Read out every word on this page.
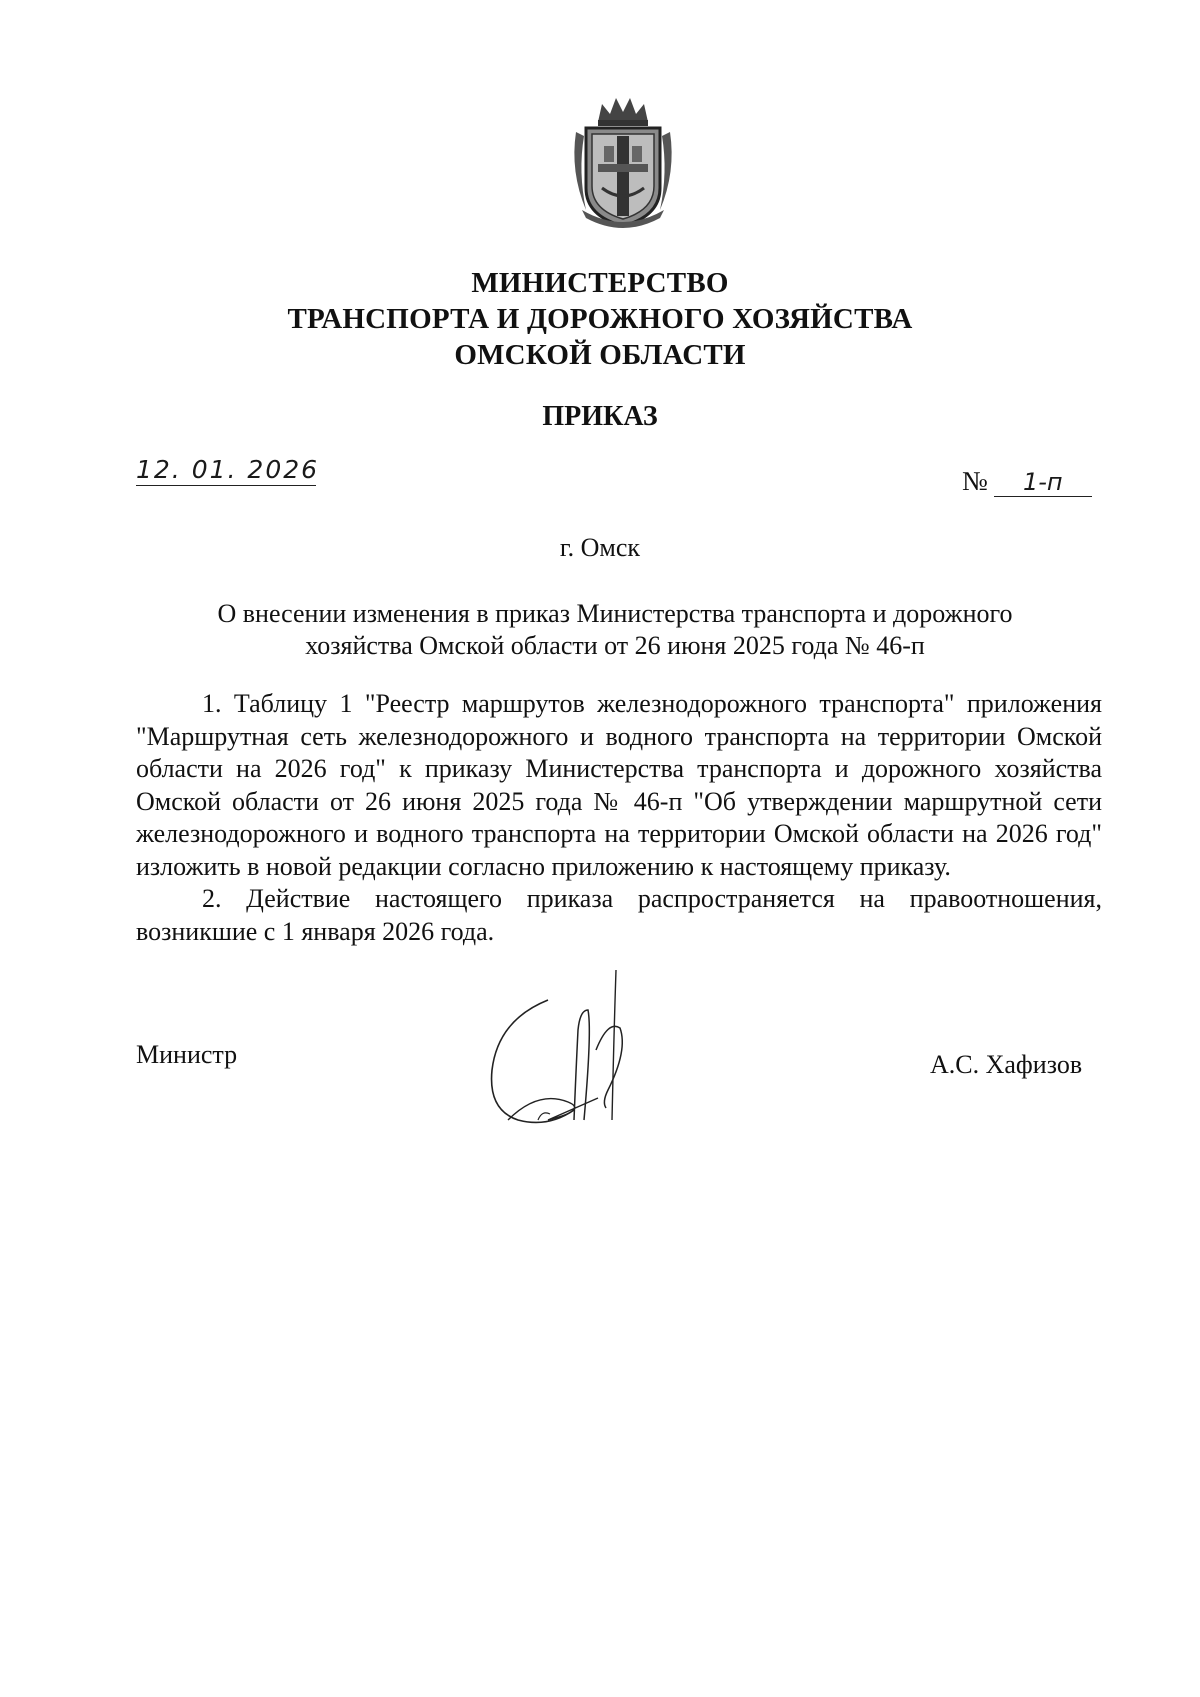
МИНИСТЕРСТВО
ТРАНСПОРТА И ДОРОЖНОГО ХОЗЯЙСТВА
ОМСКОЙ ОБЛАСТИ
ПРИКАЗ
12. 01. 2026	№ 1-п
г. Омск
О внесении изменения в приказ Министерства транспорта и дорожного
хозяйства Омской области от 26 июня 2025 года № 46-п

1. Таблицу 1 "Реестр маршрутов железнодорожного транспорта" приложения "Маршрутная сеть железнодорожного и водного транспорта на территории Омской области на 2026 год" к приказу Министерства транспорта и дорожного хозяйства Омской области от 26 июня 2025 года № 46-п "Об утверждении маршрутной сети железнодорожного и водного транспорта на территории Омской области на 2026 год" изложить в новой редакции согласно приложению к настоящему приказу.

2. Действие настоящего приказа распространяется на правоотношения, возникшие с 1 января 2026 года.

Министр	А.С. Хафизов
